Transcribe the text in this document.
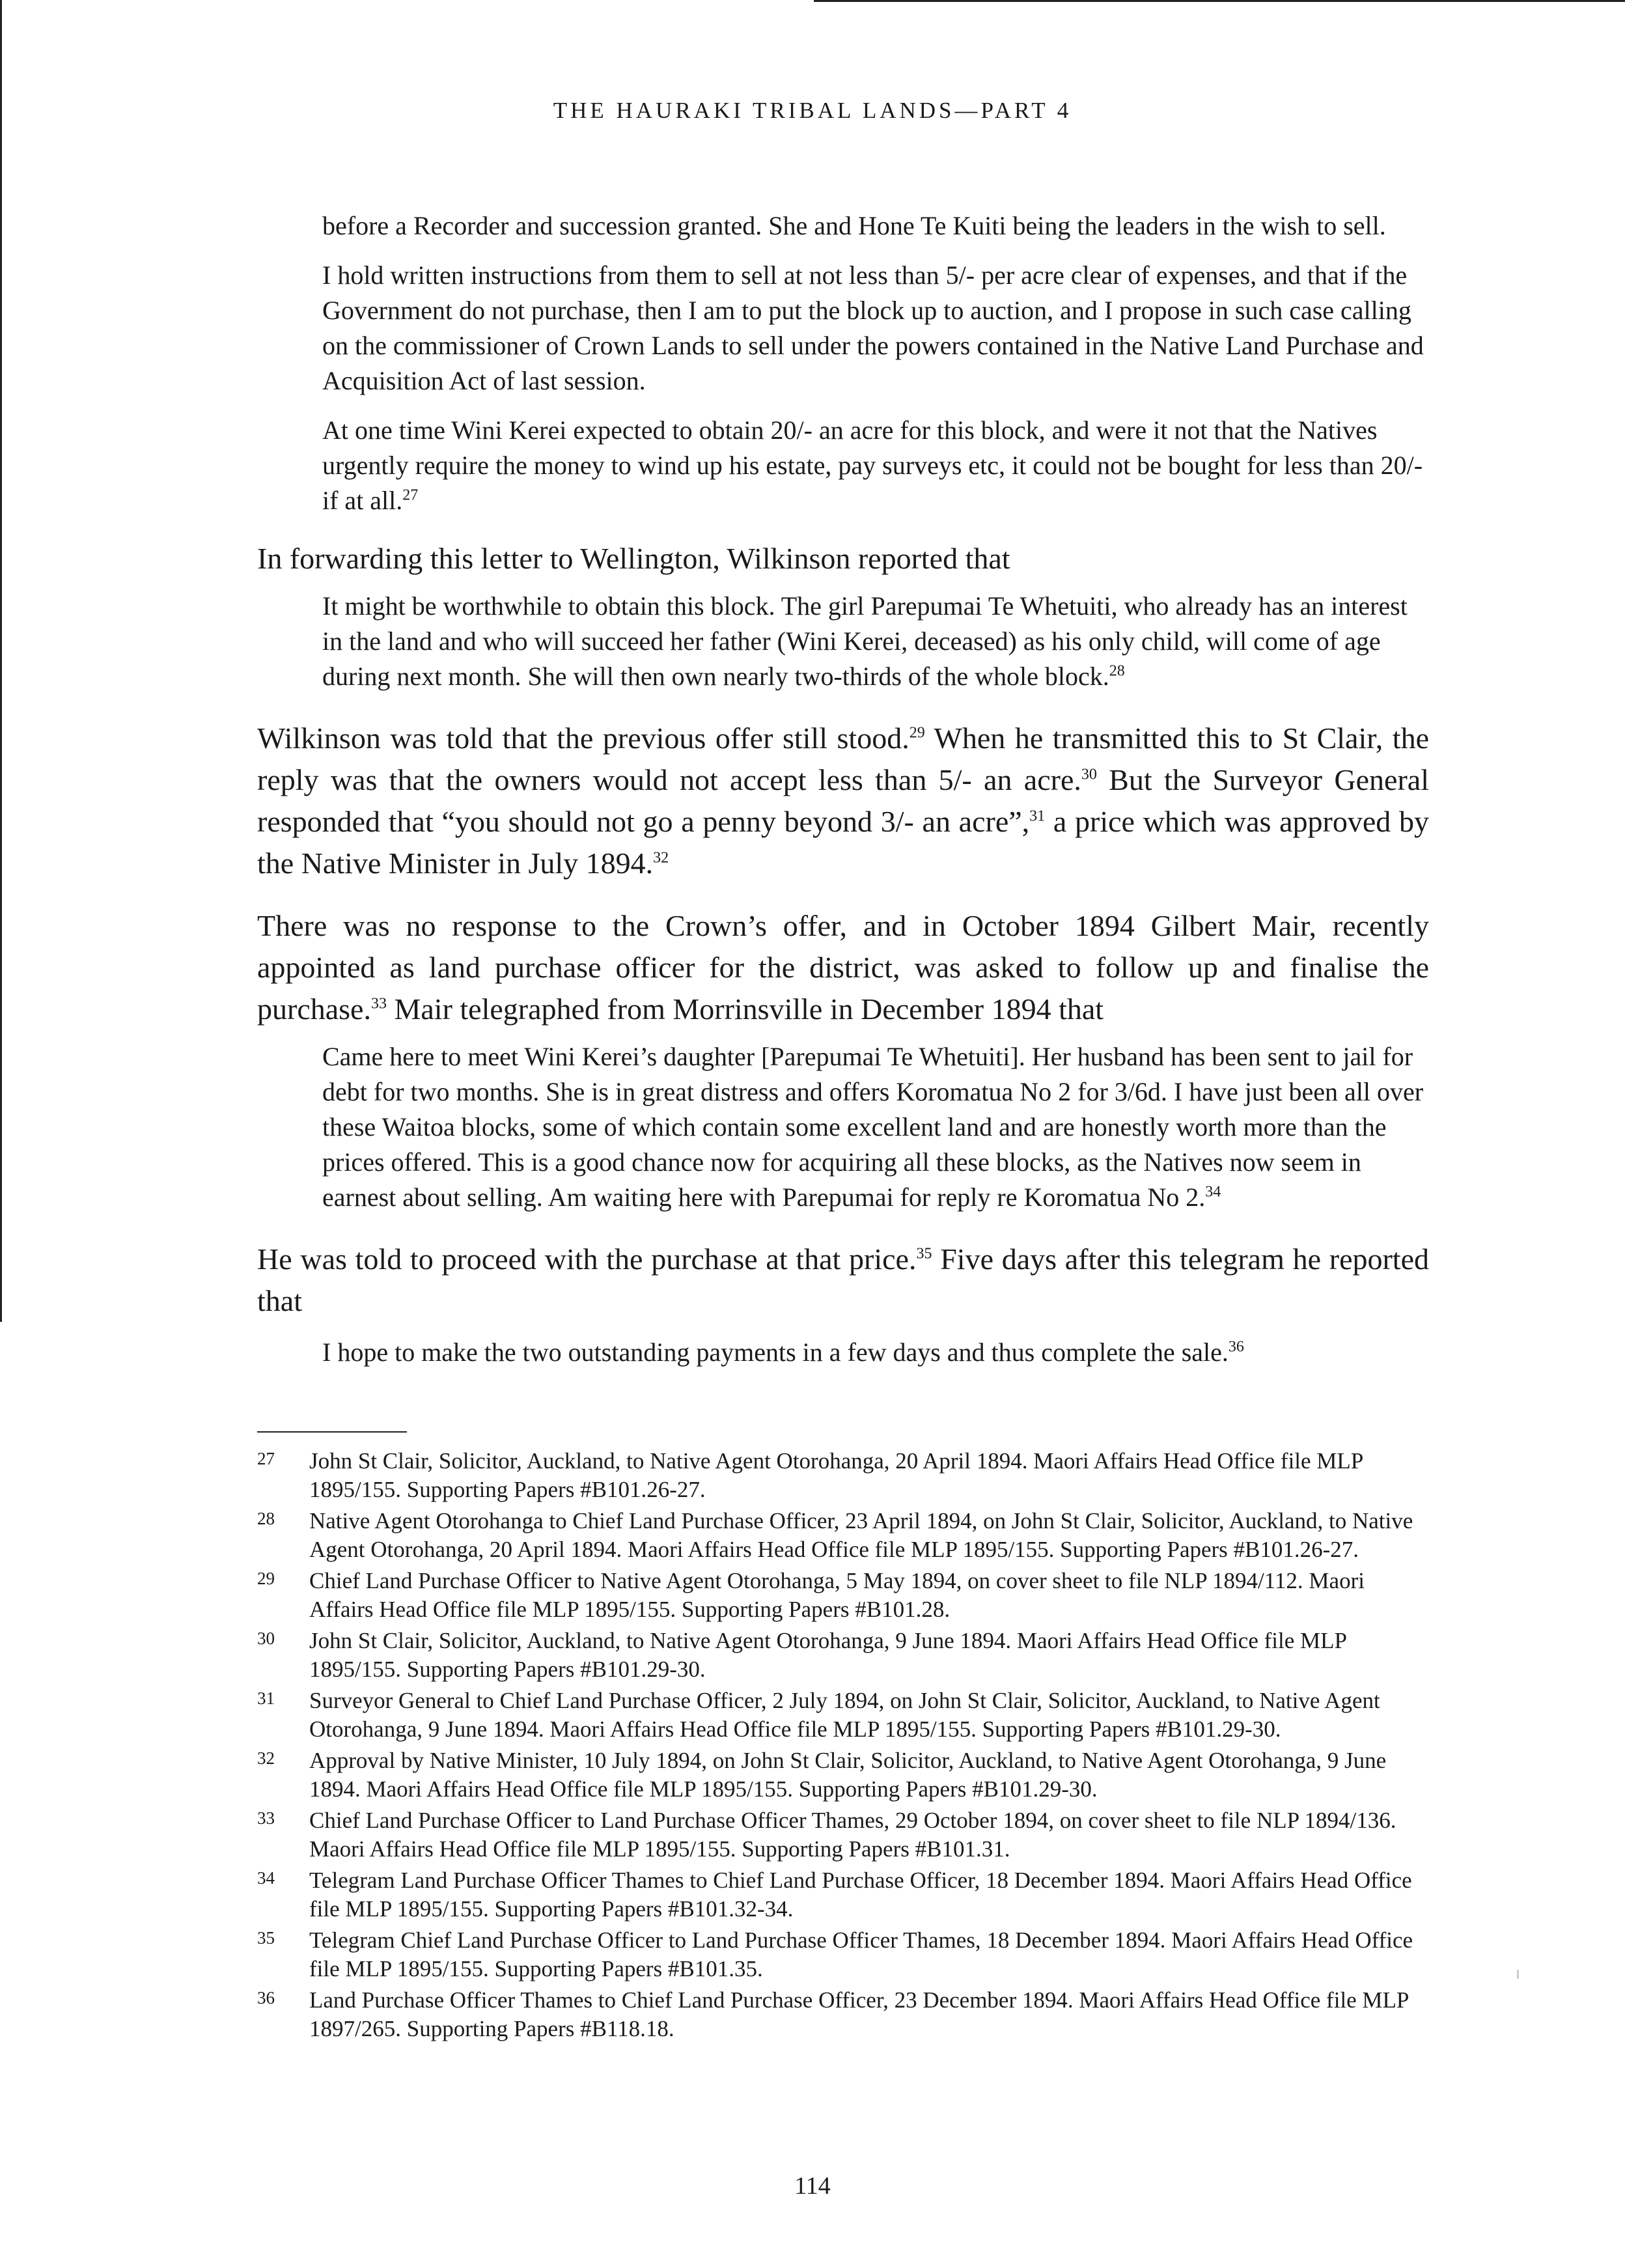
THE HAURAKI TRIBAL LANDS—PART 4

before a Recorder and succession granted. She and Hone Te Kuiti being the leaders in the wish to sell.

I hold written instructions from them to sell at not less than 5/- per acre clear of expenses, and that if the Government do not purchase, then I am to put the block up to auction, and I propose in such case calling on the commissioner of Crown Lands to sell under the powers contained in the Native Land Purchase and Acquisition Act of last session.

At one time Wini Kerei expected to obtain 20/- an acre for this block, and were it not that the Natives urgently require the money to wind up his estate, pay surveys etc, it could not be bought for less than 20/- if at all.$^{27}$

In forwarding this letter to Wellington, Wilkinson reported that

It might be worthwhile to obtain this block. The girl Parepumai Te Whetuiti, who already has an interest in the land and who will succeed her father (Wini Kerei, deceased) as his only child, will come of age during next month. She will then own nearly two-thirds of the whole block.$^{28}$

Wilkinson was told that the previous offer still stood.$^{29}$ When he transmitted this to St Clair, the reply was that the owners would not accept less than 5/- an acre.$^{30}$ But the Surveyor General responded that “you should not go a penny beyond 3/- an acre”,$^{31}$ a price which was approved by the Native Minister in July 1894.32

There was no response to the Crown’s offer, and in October 1894 Gilbert Mair, recently appointed as land purchase officer for the district, was asked to follow up and finalise the purchase.$^{33}$ Mair telegraphed from Morrinsville in December 1894 that

Came here to meet Wini Kerei’s daughter [Parepumai Te Whetuiti]. Her husband has been sent to jail for debt for two months. She is in great distress and offers Koromatua No 2 for 3/6d. I have just been all over these Waitoa blocks, some of which contain some excellent land and are honestly worth more than the prices offered. This is a good chance now for acquiring all these blocks, as the Natives now seem in earnest about selling. Am waiting here with Parepumai for reply re Koromatua No 2.34

He was told to proceed with the purchase at that price.$^{35}$ Five days after this telegram he reported that

I hope to make the two outstanding payments in a few days and thus complete the sale.$^{36}$

27 John St Clair, Solicitor, Auckland, to Native Agent Otorohanga, 20 April 1894. Maori Affairs Head Office file MLP 1895/155. Supporting Papers #B101.26-27.
28 Native Agent Otorohanga to Chief Land Purchase Officer, 23 April 1894, on John St Clair, Solicitor, Auckland, to Native Agent Otorohanga, 20 April 1894. Maori Affairs Head Office file MLP 1895/155. Supporting Papers #B101.26-27.
29 Chief Land Purchase Officer to Native Agent Otorohanga, 5 May 1894, on cover sheet to file NLP 1894/112. Maori Affairs Head Office file MLP 1895/155. Supporting Papers #B101.28.
30 John St Clair, Solicitor, Auckland, to Native Agent Otorohanga, 9 June 1894. Maori Affairs Head Office file MLP 1895/155. Supporting Papers #B101.29-30.
31 Surveyor General to Chief Land Purchase Officer, 2 July 1894, on John St Clair, Solicitor, Auckland, to Native Agent Otorohanga, 9 June 1894. Maori Affairs Head Office file MLP 1895/155. Supporting Papers #B101.29-30.
32 Approval by Native Minister, 10 July 1894, on John St Clair, Solicitor, Auckland, to Native Agent Otorohanga, 9 June 1894. Maori Affairs Head Office file MLP 1895/155. Supporting Papers #B101.29-30.
33 Chief Land Purchase Officer to Land Purchase Officer Thames, 29 October 1894, on cover sheet to file NLP 1894/136. Maori Affairs Head Office file MLP 1895/155. Supporting Papers #B101.31.
34 Telegram Land Purchase Officer Thames to Chief Land Purchase Officer, 18 December 1894. Maori Affairs Head Office file MLP 1895/155. Supporting Papers #B101.32-34.
35 Telegram Chief Land Purchase Officer to Land Purchase Officer Thames, 18 December 1894. Maori Affairs Head Office file MLP 1895/155. Supporting Papers #B101.35.
36 Land Purchase Officer Thames to Chief Land Purchase Officer, 23 December 1894. Maori Affairs Head Office file MLP 1897/265. Supporting Papers #B118.18.
114
